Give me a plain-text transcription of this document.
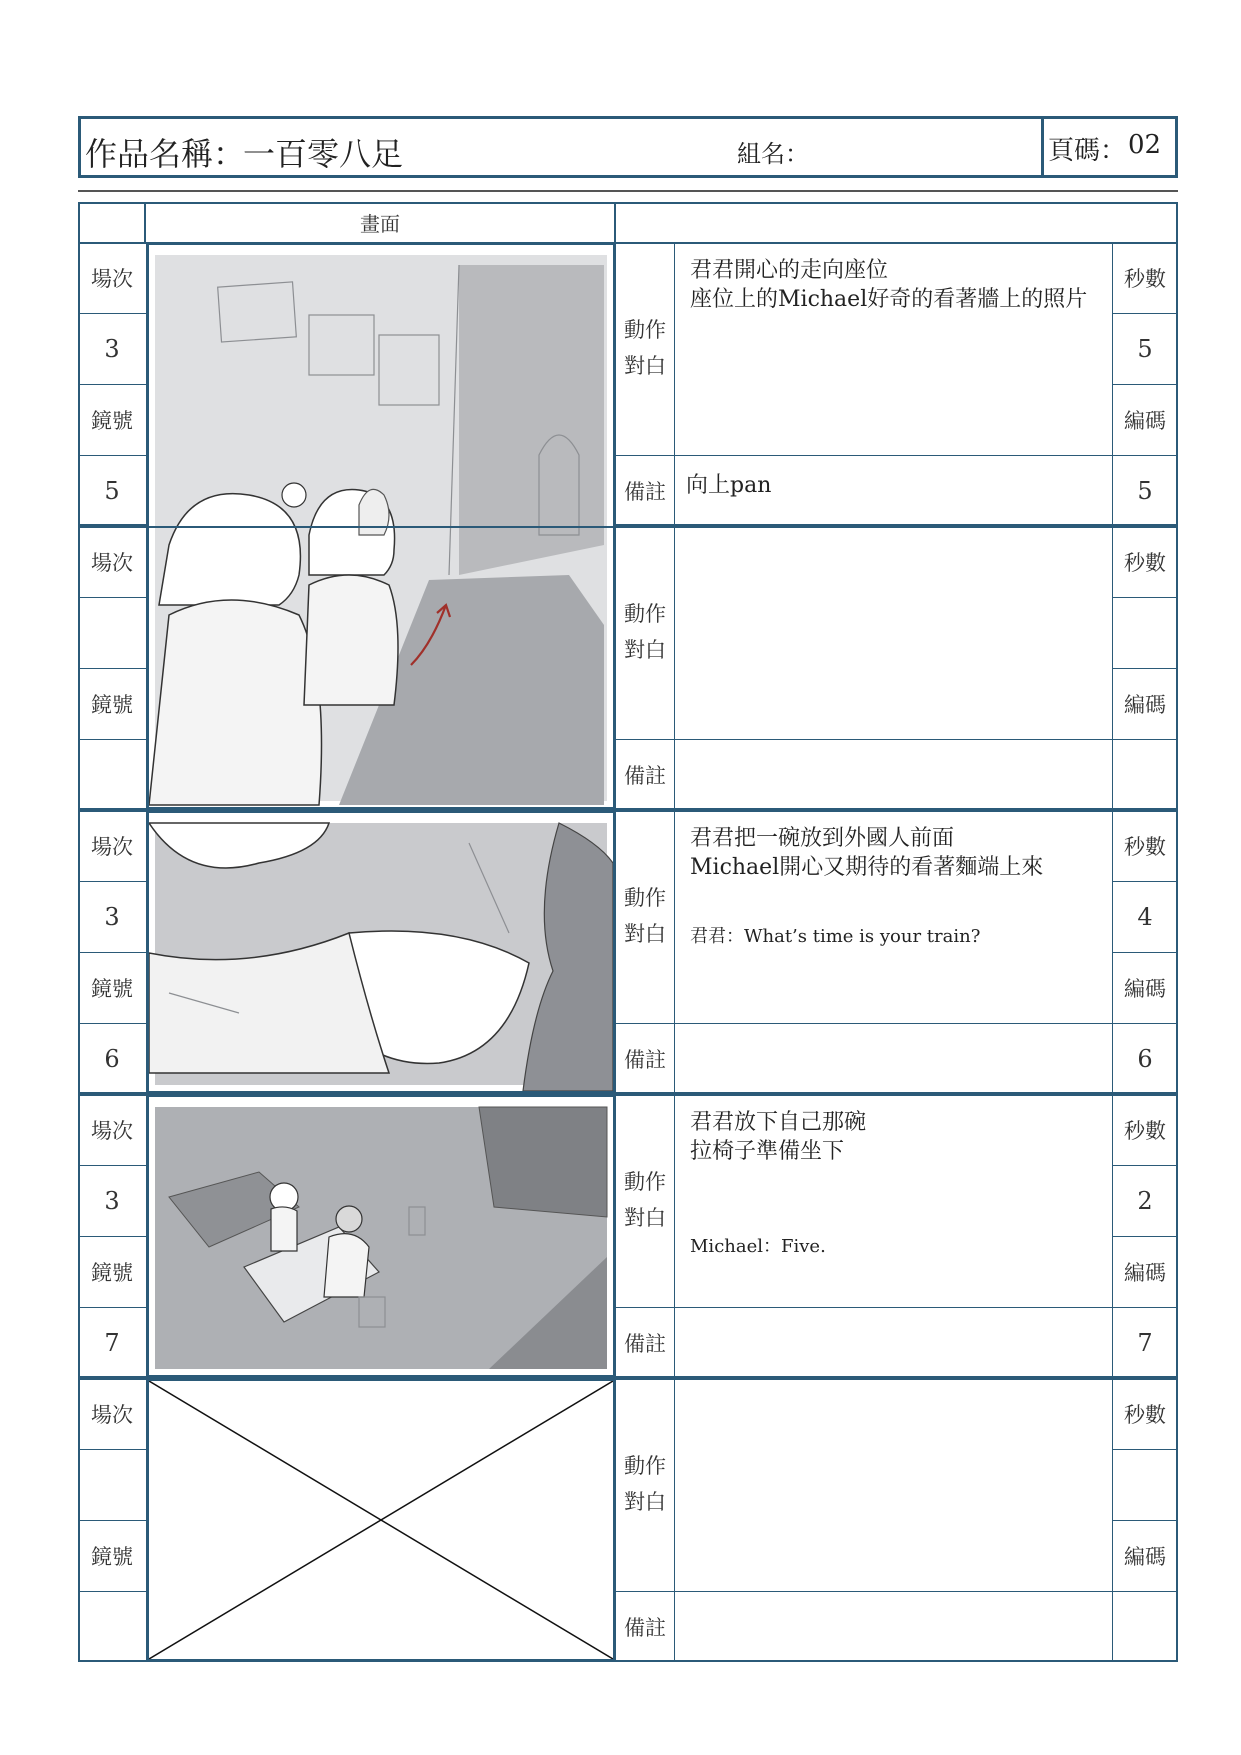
作品名稱：
一百零八足	組名：	頁碼： 02
畫面
場次
3
鏡號
5
動作
對白
備註
君君開心的走向座位
座位上的Michael好奇的看著牆上的照片
向上pan
秒數
5
編碼
5
場次
鏡號
動作
對白
備註
秒數
編碼
場次
3
鏡號
6
動作
對白
備註
君君把一碗放到外國人前面
Michael開心又期待的看著麵端上來
君君：What’s time is your train?
秒數
4
編碼
6
場次
3
鏡號
7
動作
對白
備註
君君放下自己那碗
拉椅子準備坐下
Michael：Five.
秒數
2
編碼
7
場次
鏡號
動作
對白
備註
秒數
編碼
